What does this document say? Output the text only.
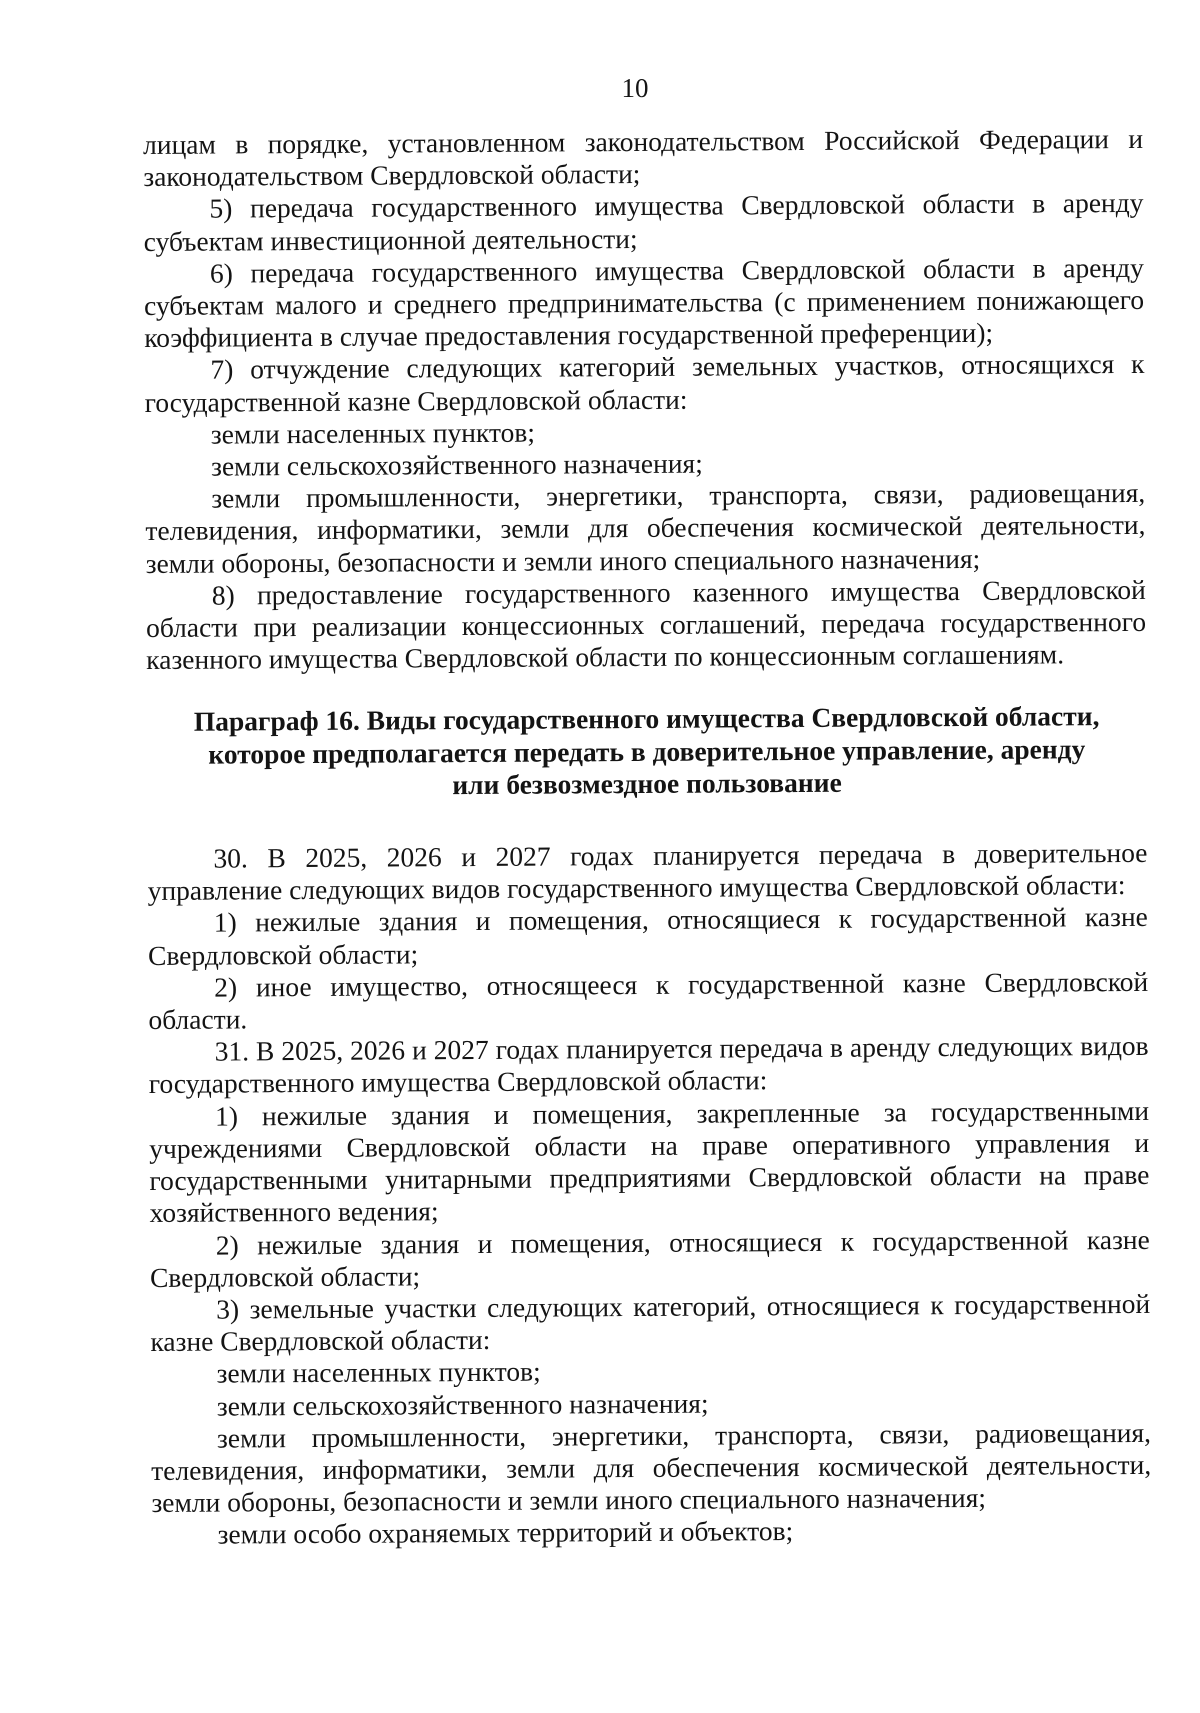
10

лицам в порядке, установленном законодательством Российской Федерации и законодательством Свердловской области;

5) передача государственного имущества Свердловской области в аренду субъектам инвестиционной деятельности;

6) передача государственного имущества Свердловской области в аренду субъектам малого и среднего предпринимательства (с применением понижающего коэффициента в случае предоставления государственной преференции);

7) отчуждение следующих категорий земельных участков, относящихся к государственной казне Свердловской области:

земли населенных пунктов;

земли сельскохозяйственного назначения;

земли промышленности, энергетики, транспорта, связи, радиовещания, телевидения, информатики, земли для обеспечения космической деятельности, земли обороны, безопасности и земли иного специального назначения;

8) предоставление государственного казенного имущества Свердловской области при реализации концессионных соглашений, передача государственного казенного имущества Свердловской области по концессионным соглашениям.

Параграф 16. Виды государственного имущества Свердловской области,
которое предполагается передать в доверительное управление, аренду
или безвозмездное пользование

30. В 2025, 2026 и 2027 годах планируется передача в доверительное управление следующих видов государственного имущества Свердловской области:

1) нежилые здания и помещения, относящиеся к государственной казне Свердловской области;

2) иное имущество, относящееся к государственной казне Свердловской области.

31. В 2025, 2026 и 2027 годах планируется передача в аренду следующих видов государственного имущества Свердловской области:

1) нежилые здания и помещения, закрепленные за государственными учреждениями Свердловской области на праве оперативного управления и государственными унитарными предприятиями Свердловской области на праве хозяйственного ведения;

2) нежилые здания и помещения, относящиеся к государственной казне Свердловской области;

3) земельные участки следующих категорий, относящиеся к государственной казне Свердловской области:

земли населенных пунктов;

земли сельскохозяйственного назначения;

земли промышленности, энергетики, транспорта, связи, радиовещания, телевидения, информатики, земли для обеспечения космической деятельности, земли обороны, безопасности и земли иного специального назначения;

земли особо охраняемых территорий и объектов;
